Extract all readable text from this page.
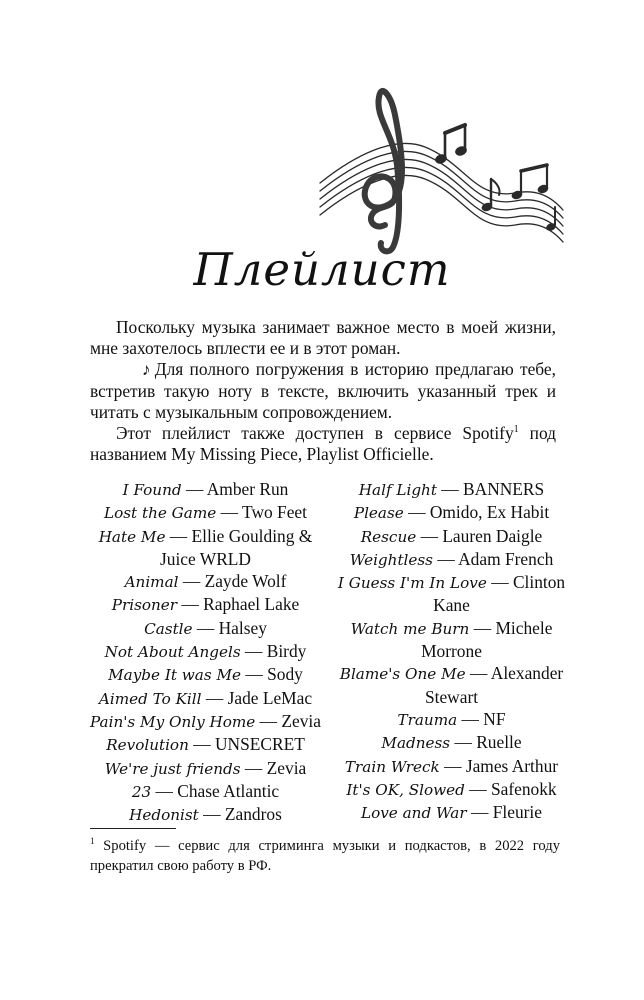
Плейлист

Поскольку музыка занимает важное место в моей жизни, мне захотелось вплести ее и в этот роман.

♪ Для полного погружения в историю предлагаю тебе, встретив такую ноту в тексте, включить указанный трек и читать с музыкальным сопровождением.

Этот плейлист также доступен в сервисе Spotify$^1$ под названием My Missing Piece, Playlist Officielle.

I Found — Amber Run
Lost the Game — Two Feet
Hate Me — Ellie Goulding & Juice WRLD
Animal — Zayde Wolf
Prisoner — Raphael Lake
Castle — Halsey
Not About Angels — Birdy
Maybe It was Me — Sody
Aimed To Kill — Jade LeMac
Pain's My Only Home — Zevia
Revolution — UNSECRET
We're just friends — Zevia
23 — Chase Atlantic
Hedonist — Zandros
Half Light — BANNERS
Please — Omido, Ex Habit
Rescue — Lauren Daigle
Weightless — Adam French
I Guess I'm In Love — Clinton Kane
Watch me Burn — Michele Morrone
Blame's One Me — Alexander Stewart
Trauma — NF
Madness — Ruelle
Train Wreck — James Arthur
It's OK, Slowed — Safenokk
Love and War — Fleurie
$^1$ Spotify — сервис для стриминга музыки и подкастов, в 2022 году прекратил свою работу в РФ.
